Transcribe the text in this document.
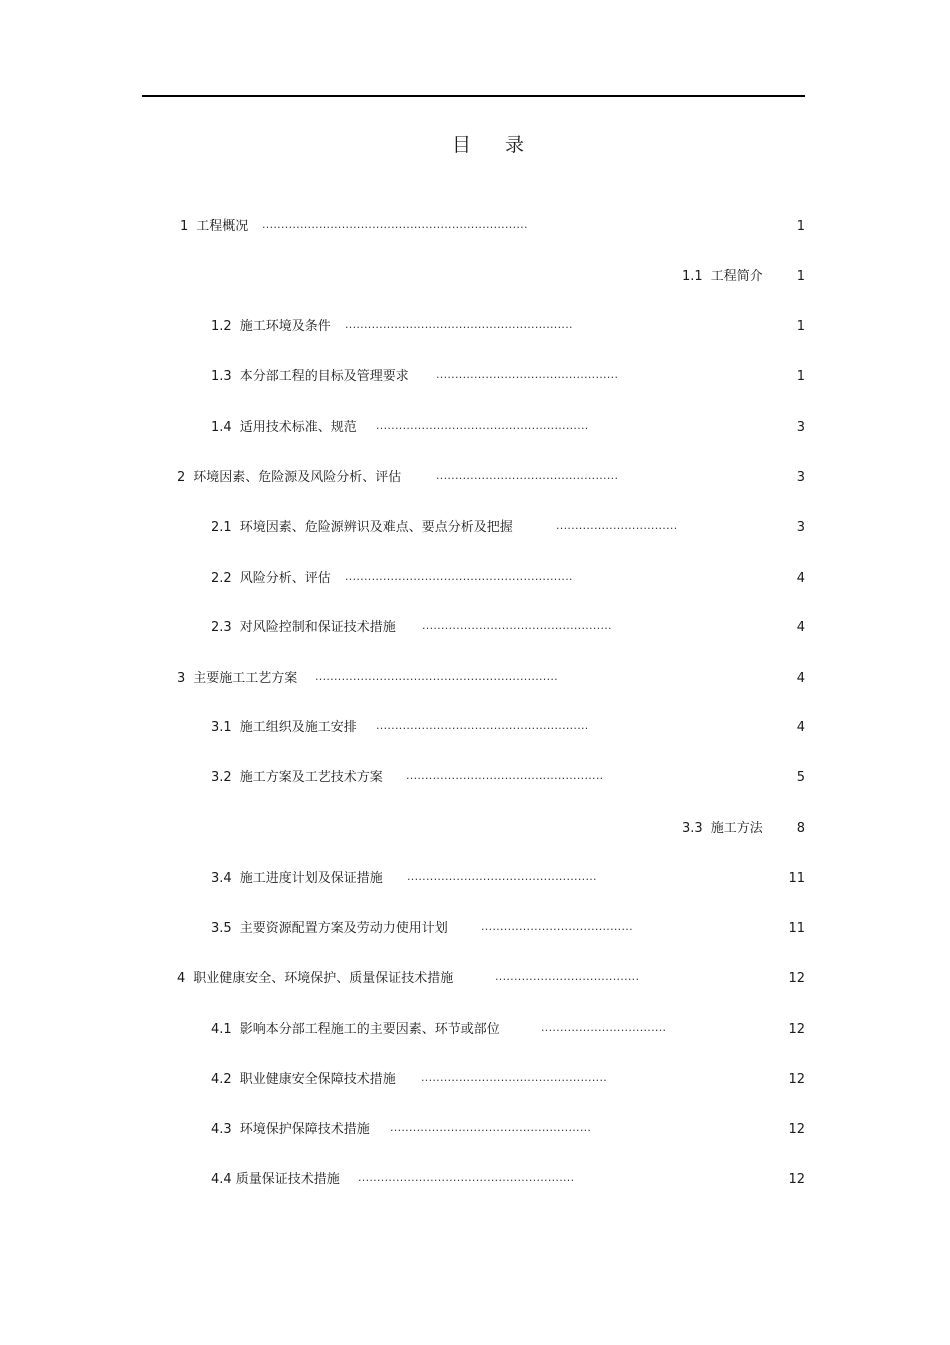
目 录
1 工程概况 ......................................................................	1
1.1 工程简介	1
1.2 施工环境及条件 ............................................................	1
1.3 本分部工程的目标及管理要求 ................................................	1
1.4 适用技术标准、规范 ........................................................	3
2 环境因素、危险源及风险分析、评估	................................................	3
2.1 环境因素、危险源辨识及难点、要点分析及把握	................................	3
2.2 风险分析、评估 ............................................................	4
2.3 对风险控制和保证技术措施 ..................................................	4
3 主要施工工艺方案 ................................................................	4
3.1 施工组织及施工安排 ........................................................	4
3.2 施工方案及工艺技术方案 ....................................................	5
3.3 施工方法	8
3.4 施工进度计划及保证措施 ..................................................	11
3.5 主要资源配置方案及劳动力使用计划	........................................	11
4 职业健康安全、环境保护、质量保证技术措施	......................................	12
4.1 影响本分部工程施工的主要因素、环节或部位	.................................	12
4.2 职业健康安全保障技术措施 .................................................	12
4.3 环境保护保障技术措施 .....................................................	12
4.4 质量保证技术措施 .........................................................	12
